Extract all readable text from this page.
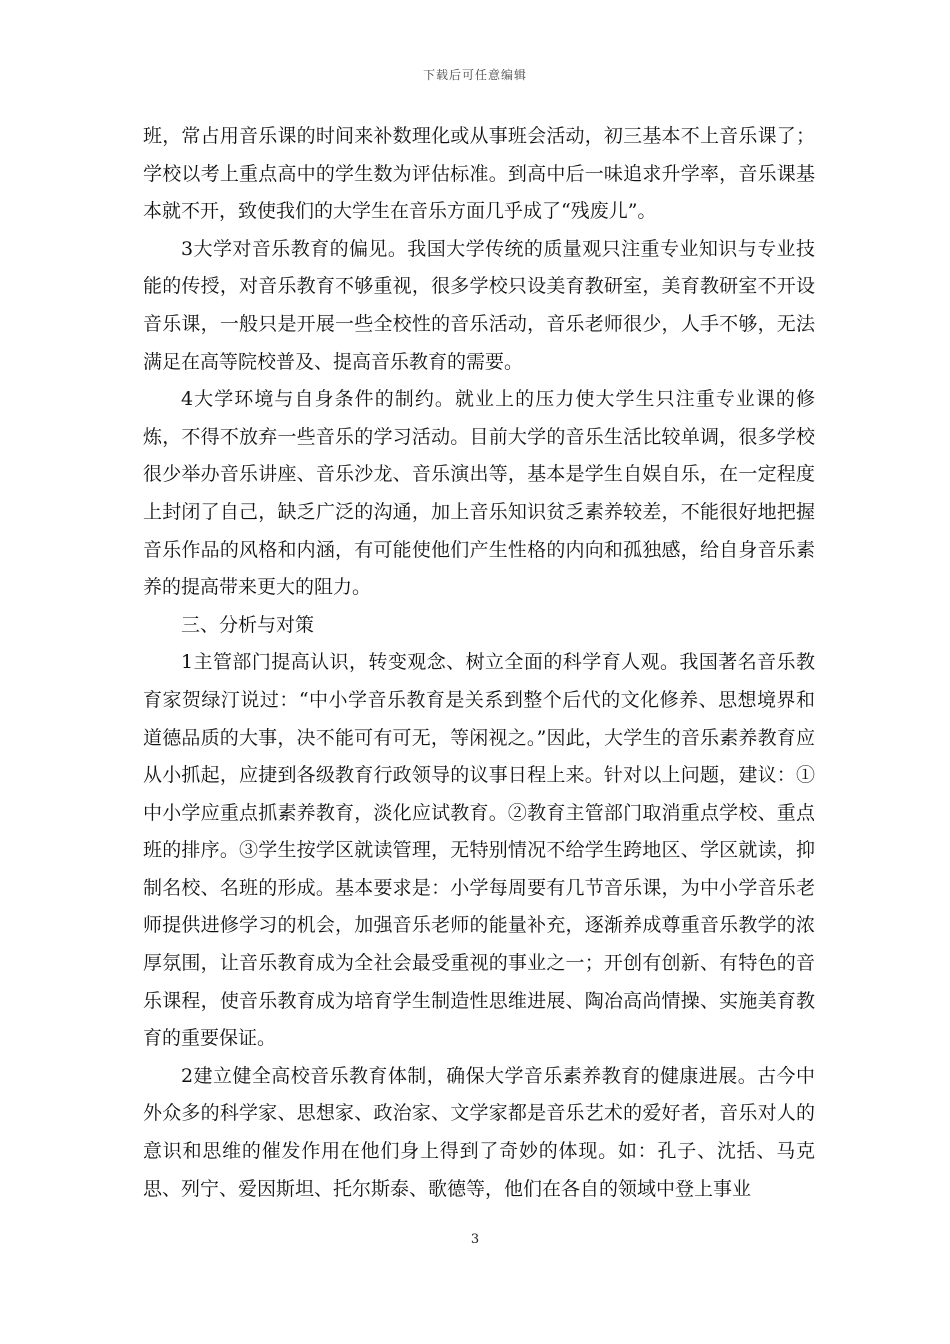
下载后可任意编辑

班，常占用音乐课的时间来补数理化或从事班会活动，初三基本不上音乐课了；学校以考上重点高中的学生数为评估标准。到高中后一味追求升学率，音乐课基本就不开，致使我们的大学生在音乐方面几乎成了“残废儿”。

3大学对音乐教育的偏见。我国大学传统的质量观只注重专业知识与专业技能的传授，对音乐教育不够重视，很多学校只设美育教研室，美育教研室不开设音乐课，一般只是开展一些全校性的音乐活动，音乐老师很少，人手不够，无法满足在高等院校普及、提高音乐教育的需要。

4大学环境与自身条件的制约。就业上的压力使大学生只注重专业课的修炼，不得不放弃一些音乐的学习活动。目前大学的音乐生活比较单调，很多学校很少举办音乐讲座、音乐沙龙、音乐演出等，基本是学生自娱自乐，在一定程度上封闭了自己，缺乏广泛的沟通，加上音乐知识贫乏素养较差，不能很好地把握音乐作品的风格和内涵，有可能使他们产生性格的内向和孤独感，给自身音乐素养的提高带来更大的阻力。

三、分析与对策

1主管部门提高认识，转变观念、树立全面的科学育人观。我国著名音乐教育家贺绿汀说过：“中小学音乐教育是关系到整个后代的文化修养、思想境界和道德品质的大事，决不能可有可无，等闲视之。”因此，大学生的音乐素养教育应从小抓起，应捷到各级教育行政领导的议事日程上来。针对以上问题，建议：①中小学应重点抓素养教育，淡化应试教育。②教育主管部门取消重点学校、重点班的排序。③学生按学区就读管理，无特别情况不给学生跨地区、学区就读，抑制名校、名班的形成。基本要求是：小学每周要有几节音乐课，为中小学音乐老师提供进修学习的机会，加强音乐老师的能量补充，逐渐养成尊重音乐教学的浓厚氛围，让音乐教育成为全社会最受重视的事业之一；开创有创新、有特色的音乐课程，使音乐教育成为培育学生制造性思维进展、陶冶高尚情操、实施美育教育的重要保证。

2建立健全高校音乐教育体制，确保大学音乐素养教育的健康进展。古今中外众多的科学家、思想家、政治家、文学家都是音乐艺术的爱好者，音乐对人的意识和思维的催发作用在他们身上得到了奇妙的体现。如：孔子、沈括、马克思、列宁、爱因斯坦、托尔斯泰、歌德等，他们在各自的领域中登上事业

3
